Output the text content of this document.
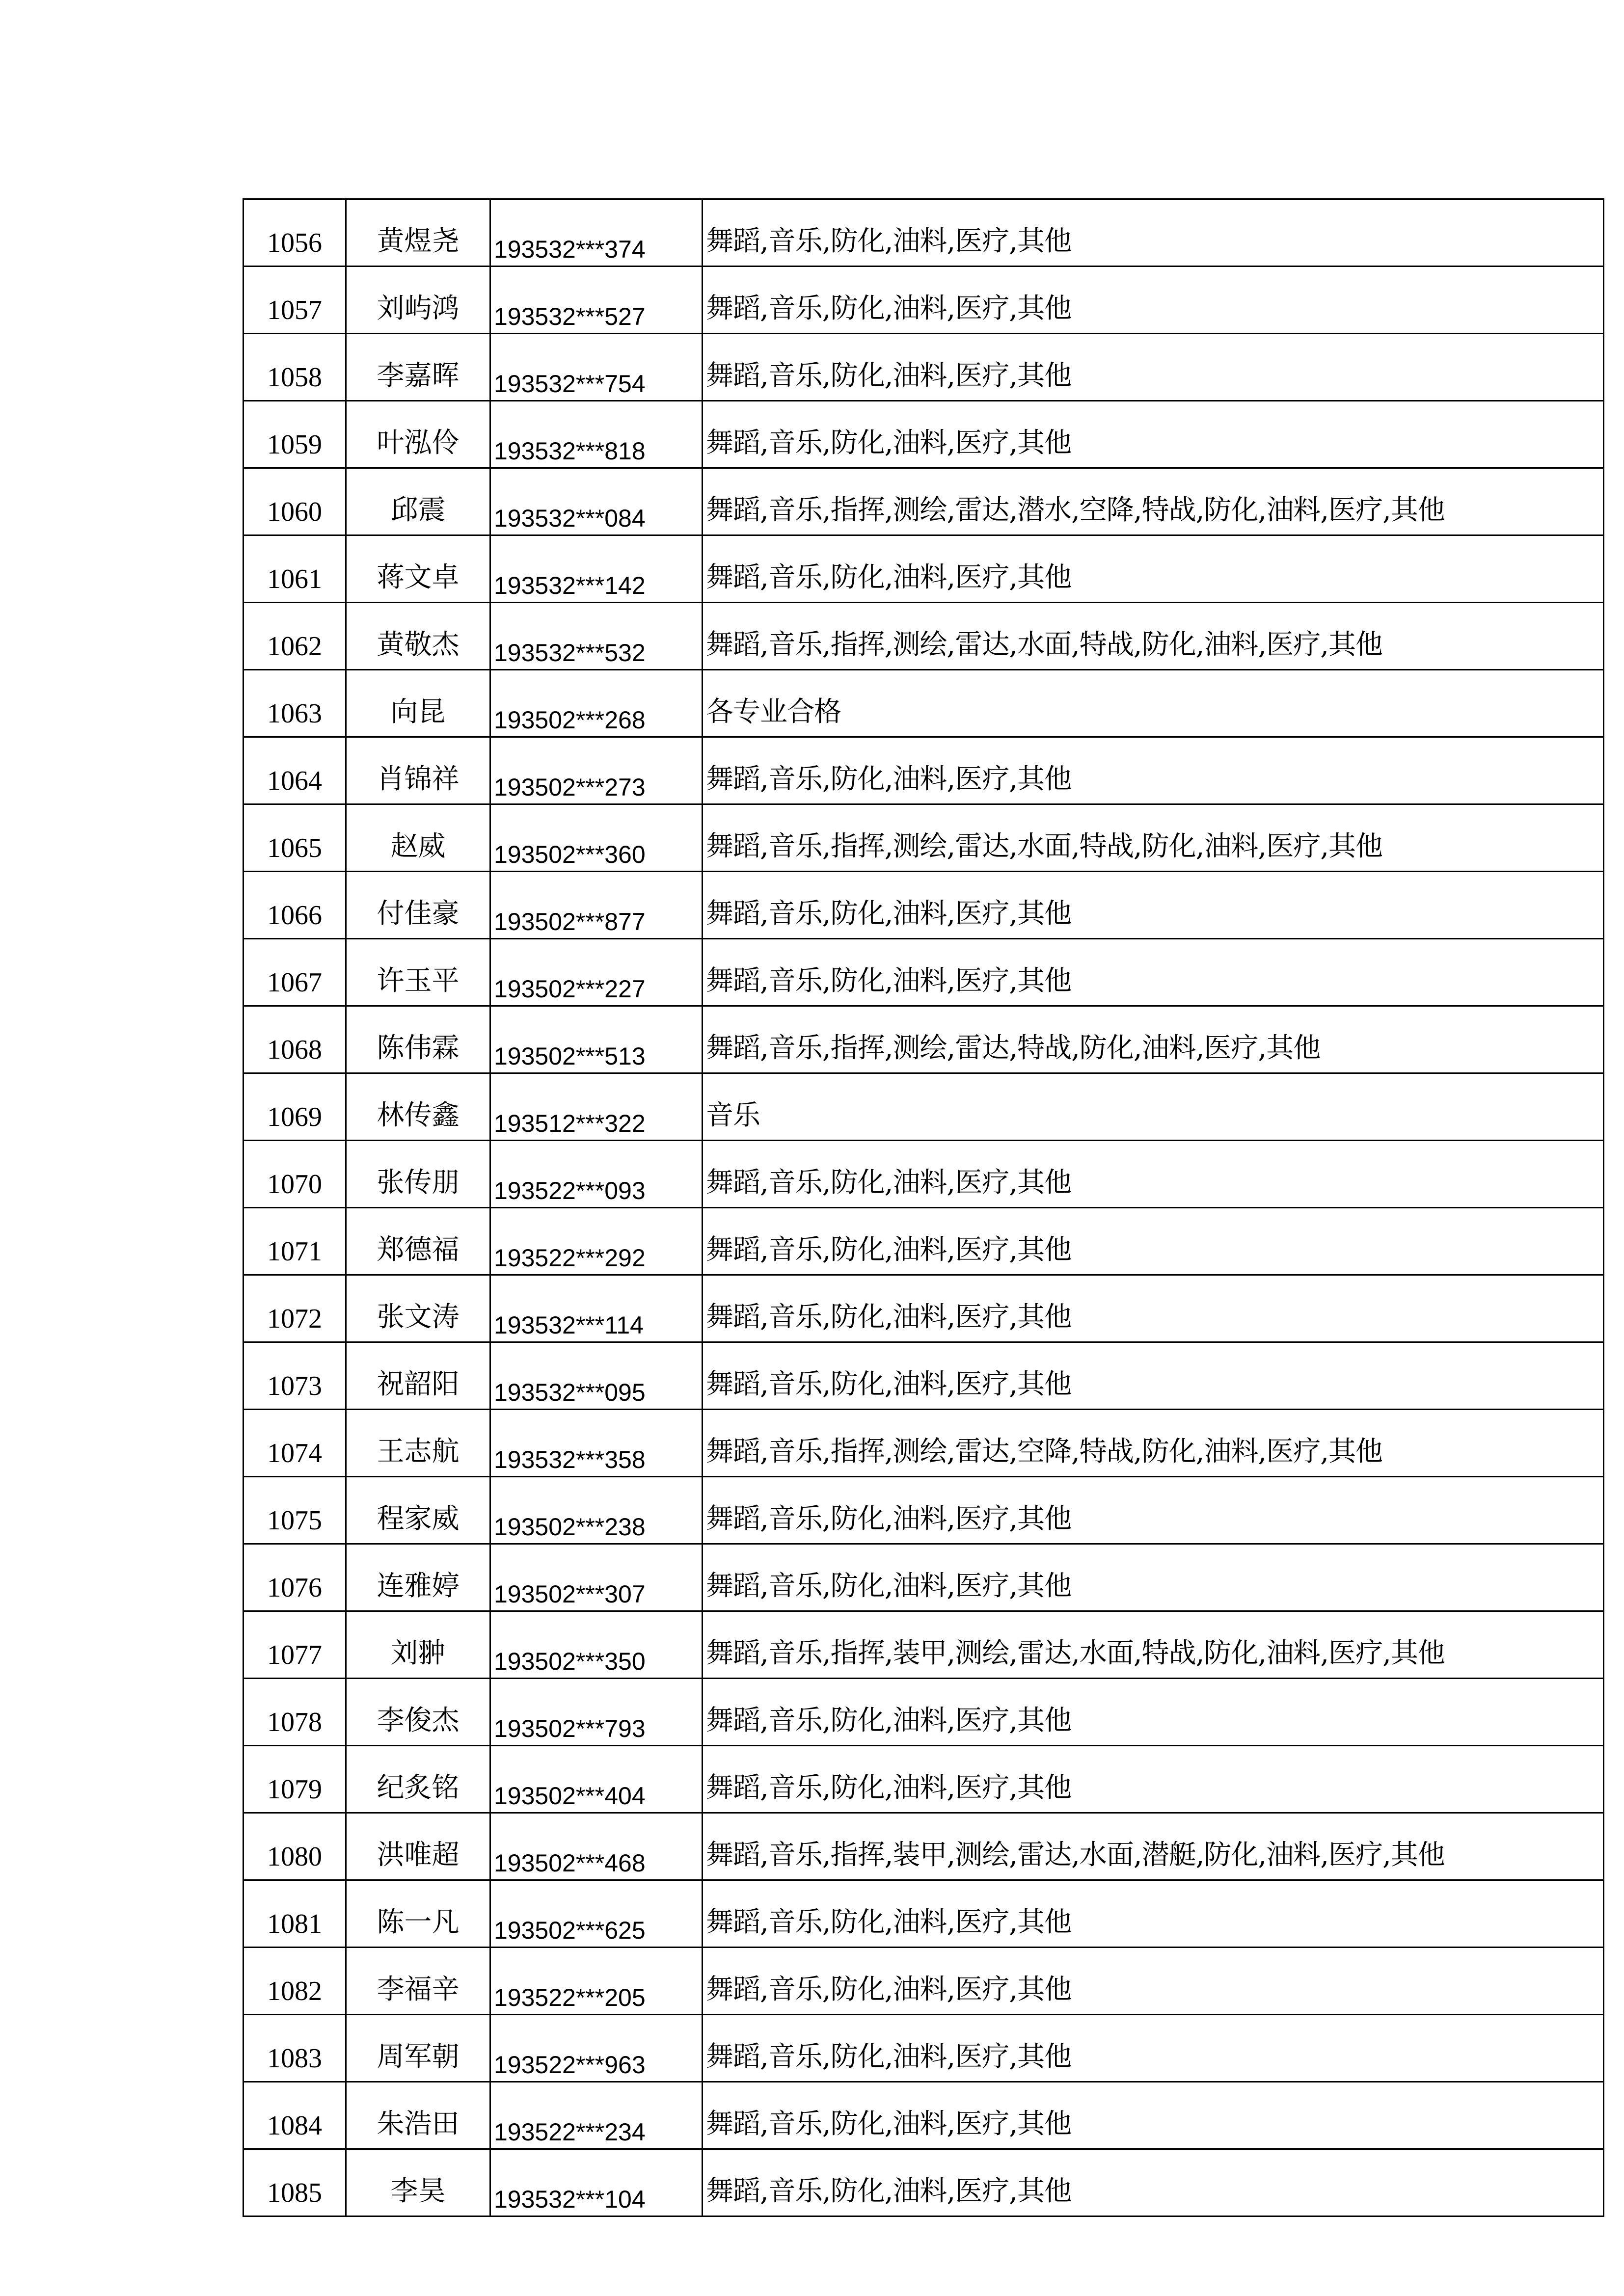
1056	黄煜尧	193532***374	舞蹈,音乐,防化,油料,医疗,其他
1057	刘屿鸿	193532***527	舞蹈,音乐,防化,油料,医疗,其他
1058	李嘉晖	193532***754	舞蹈,音乐,防化,油料,医疗,其他
1059	叶泓伶	193532***818	舞蹈,音乐,防化,油料,医疗,其他
1060	邱震	193532***084	舞蹈,音乐,指挥,测绘,雷达,潜水,空降,特战,防化,油料,医疗,其他
1061	蒋文卓	193532***142	舞蹈,音乐,防化,油料,医疗,其他
1062	黄敬杰	193532***532	舞蹈,音乐,指挥,测绘,雷达,水面,特战,防化,油料,医疗,其他
1063	向昆	193502***268	各专业合格
1064	肖锦祥	193502***273	舞蹈,音乐,防化,油料,医疗,其他
1065	赵威	193502***360	舞蹈,音乐,指挥,测绘,雷达,水面,特战,防化,油料,医疗,其他
1066	付佳豪	193502***877	舞蹈,音乐,防化,油料,医疗,其他
1067	许玉平	193502***227	舞蹈,音乐,防化,油料,医疗,其他
1068	陈伟霖	193502***513	舞蹈,音乐,指挥,测绘,雷达,特战,防化,油料,医疗,其他
1069	林传鑫	193512***322	音乐
1070	张传朋	193522***093	舞蹈,音乐,防化,油料,医疗,其他
1071	郑德福	193522***292	舞蹈,音乐,防化,油料,医疗,其他
1072	张文涛	193532***114	舞蹈,音乐,防化,油料,医疗,其他
1073	祝韶阳	193532***095	舞蹈,音乐,防化,油料,医疗,其他
1074	王志航	193532***358	舞蹈,音乐,指挥,测绘,雷达,空降,特战,防化,油料,医疗,其他
1075	程家威	193502***238	舞蹈,音乐,防化,油料,医疗,其他
1076	连雅婷	193502***307	舞蹈,音乐,防化,油料,医疗,其他
1077	刘翀	193502***350	舞蹈,音乐,指挥,装甲,测绘,雷达,水面,特战,防化,油料,医疗,其他
1078	李俊杰	193502***793	舞蹈,音乐,防化,油料,医疗,其他
1079	纪炙铭	193502***404	舞蹈,音乐,防化,油料,医疗,其他
1080	洪唯超	193502***468	舞蹈,音乐,指挥,装甲,测绘,雷达,水面,潜艇,防化,油料,医疗,其他
1081	陈一凡	193502***625	舞蹈,音乐,防化,油料,医疗,其他
1082	李福辛	193522***205	舞蹈,音乐,防化,油料,医疗,其他
1083	周军朝	193522***963	舞蹈,音乐,防化,油料,医疗,其他
1084	朱浩田	193522***234	舞蹈,音乐,防化,油料,医疗,其他
1085	李昊	193532***104	舞蹈,音乐,防化,油料,医疗,其他
